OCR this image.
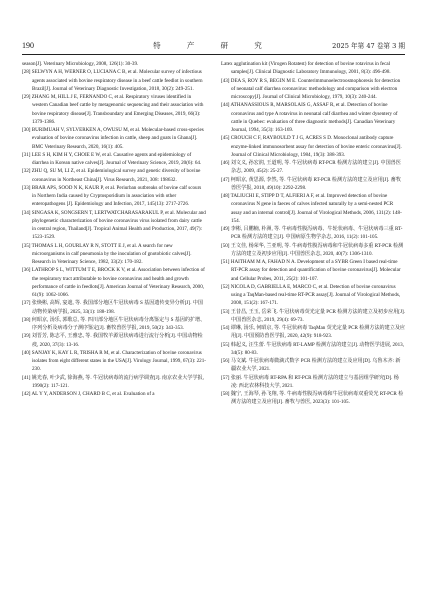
190	特 产 研 究	2025 年第 47 卷第 3 期

season[J]. Veterinary Microbiology, 2008, 126(1): 30-39.

[28] SELWYN A H, WERNER O, LUCIANA C B, et al. Molecular survey of infectious agents associated with bovine respiratory disease in a beef cattle feedlot in southern Brazil[J]. Journal of Veterinary Diagnostic Investigation, 2018, 30(2): 249-251.

[29] ZHANG M, HILL J E, FERNANDO C, et al. Respiratory viruses identified in western Canadian beef cattle by metagenomic sequencing and their association with bovine respiratory disease[J]. Transboundary and Emerging Diseases, 2019, 66(3): 1379-1386.

[30] BURIMUAH V, SYLVERKEN A, OWUSU M, et al. Molecular-based cross-species evaluation of bovine coronavirus infection in cattle, sheep and goats in Ghana[J]. BMC Veterinary Research, 2020, 16(1): 405.

[31] LEE S H, KIM H Y, CHOIE E W, et al. Causative agents and epidemiology of diarrhea in Korean native calves[J]. Journal of Veterinary Science, 2019, 20(6): 64.

[32] ZHU Q, SU M, LI Z, et al. Epidemiological survey and genetic diversity of bovine coronavirus in Northeast China[J]. Virus Research, 2021, 308: 198632.

[33] BRAR APS, SOOD N K, KAUR P, et al. Periurban outbreaks of bovine calf scours in Northern India caused by Cryptosporidium in association with other enteropathogens [J]. Epidemiology and Infection, 2017, 145(13): 2717-2726.

[34] SINGASA K, SONGSERN T, LERTWATCHARASARAKUL P, et al. Molecular and phylogenetic characterization of bovine coronavirus virus isolated from dairy cattle in central region, Thailand[J]. Tropical Animal Health and Production, 2017, 49(7): 1523-1529.

[35] THOMAS L H, GOURLAY R N, STOTT E J, et al. A search for new microorganisms in calf pneumonia by the inoculation of gnotobiotic calves[J]. Research in Veterinary Science, 1982, 33(2): 170-182.

[36] LATHROP S L, WITTUM T E, BROCK K V, et al. Association between infection of the respiratory tract attributable to bovine coronavirus and health and growth performance of cattle in feedlots[J]. American Journal of Veterinary Research, 2000, 61(9): 1062-1066.

[37] 张焕彬, 高辉, 宴遮, 等. 我国部分地区牛冠状病毒 S 基因遗传变异分析[J]. 中国动物传染病学报, 2025, 33(1): 188-198.

[38] 何昭京, 汤乐, 郭歌总, 等. 四川部分地区牛冠状病毒分离鉴定与 S 基因的扩增、序列分析及病毒分子测序鉴定[J]. 畜牧兽医学报, 2019, 50(2): 343-353.

[39] 刘晋芳, 陈志平, 王雅忠, 等. 我国牧羊源冠状病毒进行流行分析[J]. 中国动物检疫, 2020, 37(3): 13-16.

[40] SANJAY K, KAY L R, TRISHA R M, et al. Characterization of bovine coronavirus isolates from eight different states in the USA[J]. Virology Journal, 1999, 67(3): 221-230.

[41] 姚光春, 叶少武, 徐海燕, 等. 牛冠状病毒的流行病学调查[J]. 南京农业大学学报, 1990(2): 117-121.

[42] AL Y Y, ANDERSON J, CHARD B C, et al. Evaluation of a

Latex agglutination kit (Virogen Rotatest) for detection of bovine rotavirus in fecal samples[J]. Clinical Diagnostic Laboratory Immunology, 2001, 8(3): 496-498.

[43] DEA S, ROY R S, BEGIN M E. Counterimmunoelectroosmophoresis for detection of neonatal calf diarrhea coronavirus: methodology and comparison with electron microscopy[J]. Journal of Clinical Microbiology, 1979, 10(3): 240-244.

[44] ATHANASSIOUS R, MARSOLAIS G, ASSAF R, et al. Detection of bovine coronavirus and type A rotavirus in neonatal calf diarrhea and winter dysentery of cattle in Quebec: evaluation of three diagnostic methods[J]. Canadian Veterinary Journal, 1994, 35(3): 163-169.

[45] CROUCH C F, RAYBOULD T J G, ACRES S D. Monoclonal antibody capture enzyme-linked immunosorbent assay for detection of bovine enteric coronavirus[J]. Journal of Clinical Microbiology, 1984, 19(3): 388-393.

[46] 刘文义, 孙宏润, 王道明, 等. 牛冠状病毒 RT-PCR 检测方法的建立[J]. 中国兽医杂志, 2009, 45(2): 25-27.

[47] 柯昭京, 黄思源, 李然, 等. 牛冠状病毒 RT-PCR 检测方法的建立及应用[J]. 畜牧兽医学报, 2018, 49(10): 2292-2298.

[48] TALIUCHI E, STIPP D T, ALFIERI A F, et al. Improved detection of bovine coronavirus N gene in faeces of calves infected naturally by a semi-nested PCR assay and an internal control[J]. Journal of Virological Methods, 2006, 131(2): 148-154.

[49] 李彬, 吕鹏楠, 朴洲, 等. 牛病毒性腹泻病毒、牛轮状病毒、牛冠状病毒三重 RT-PCR 检测方法的建立[J]. 中国病原生物学杂志, 2016, 11(2): 101-105.

[50] 王文佳, 杨荣华, 兰亚明, 等. 牛病毒性腹泻病毒和牛冠状病毒多重 RT-PCR 检测方法的建立及初步应用[J]. 中国兽医杂志, 2020, 40(7): 1306-1310.

[51] HAITHAM M A, FAHAD N A. Development of a SYBR Green I based real-time RT-PCR assay for detection and quantification of bovine coronavirus[J]. Molecular and Cellular Probes, 2011, 25(2): 101-107.

[52] NICOLA D, GABRIELLA E, MARCO C, et al. Detection of bovine coronavirus using a TaqMan-based real-time RT-PCR assay[J]. Journal of Virological Methods, 2008, 151(2): 167-171.

[53] 王昔昌, 王玉, 岳荣飞. 牛冠状病毒荧光定量 PCR 检测方法的建立及初步应用[J]. 中国兽医杂志, 2019, 29(4): 69-73.

[54] 谭琳, 汤乐, 何昭京, 等. 牛冠状病毒 TaqMan 荧光定量 PCR 检测方法的建立及应用[J]. 中国预防兽医学报, 2020, 42(9): 918-923.

[55] 韩起义, 汪生蕾. 牛冠状病毒 RT-LAMP 检测方法的建立[J]. 动物医学进展, 2013, 34(5): 80-83.

[56] 马文斌. 牛冠状病毒微滴式数字 PCR 检测方法的建立及应用[D]. 乌鲁木齐: 新疆农业大学, 2021.

[57] 张丽. 牛冠状病毒 RT-RPA 和 RT-PCR 检测方法的建立与基因组学研究[D]. 杨凌: 西北农林科技大学, 2021.

[58] 魏宁, 王海琴, 孙飞翔, 等. 牛病毒性腹泻病毒和牛冠状病毒双重荧光 RT-PCR 检测方法的建立及应用[J]. 畜牧与兽医, 2023(3): 101-105.
